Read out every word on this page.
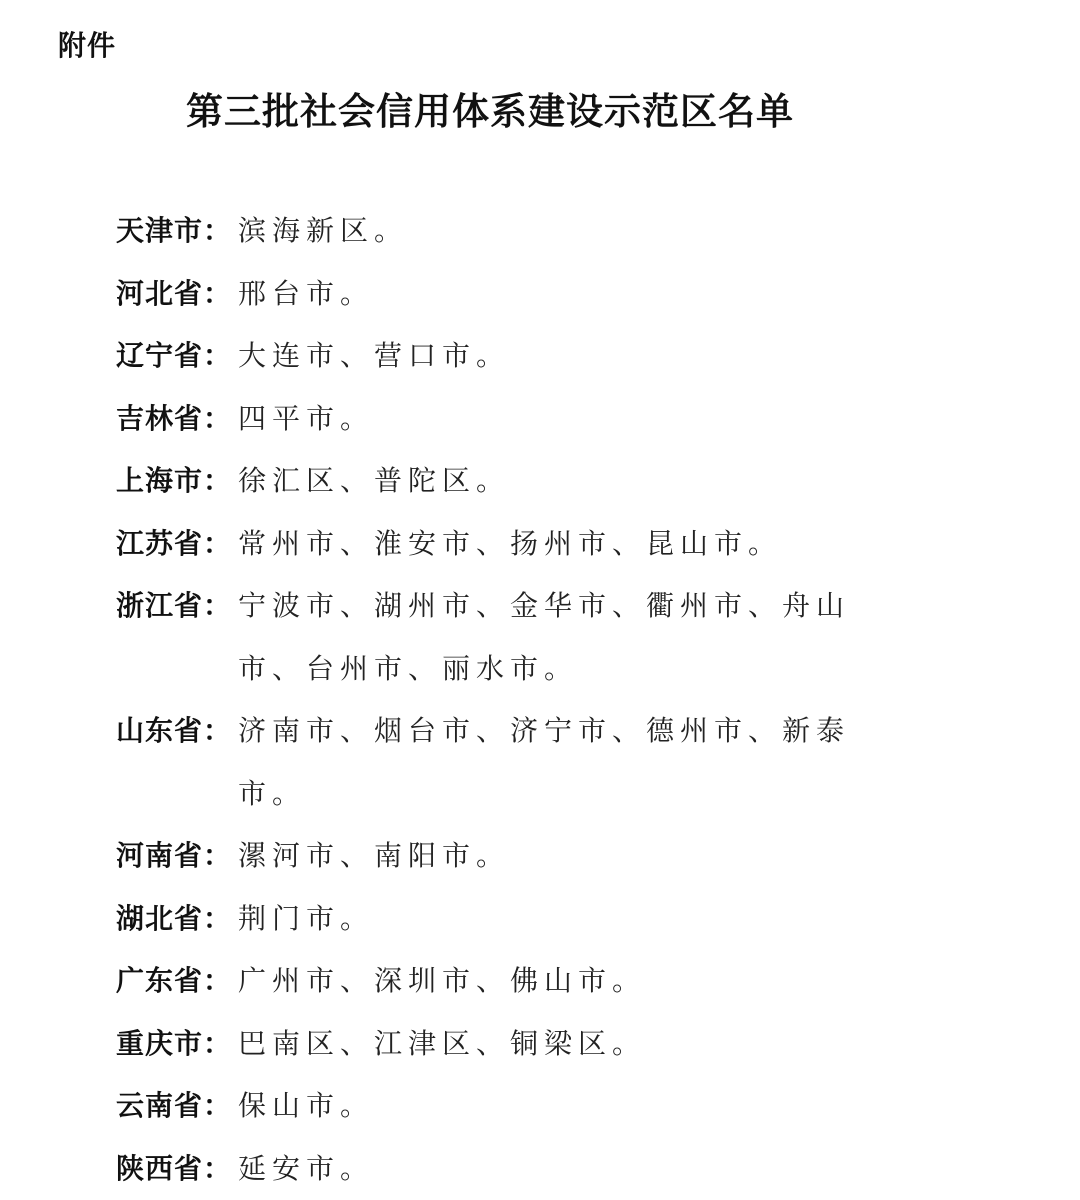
附件
第三批社会信用体系建设示范区名单
天津市： 滨海新区。
河北省： 邢台市。
辽宁省： 大连市、营口市。
吉林省： 四平市。
上海市： 徐汇区、普陀区。
江苏省： 常州市、淮安市、扬州市、昆山市。
浙江省： 宁波市、湖州市、金华市、衢州市、舟山市、台州市、丽水市。
山东省： 济南市、烟台市、济宁市、德州市、新泰市。
河南省： 漯河市、南阳市。
湖北省： 荆门市。
广东省： 广州市、深圳市、佛山市。
重庆市： 巴南区、江津区、铜梁区。
云南省： 保山市。
陕西省： 延安市。
